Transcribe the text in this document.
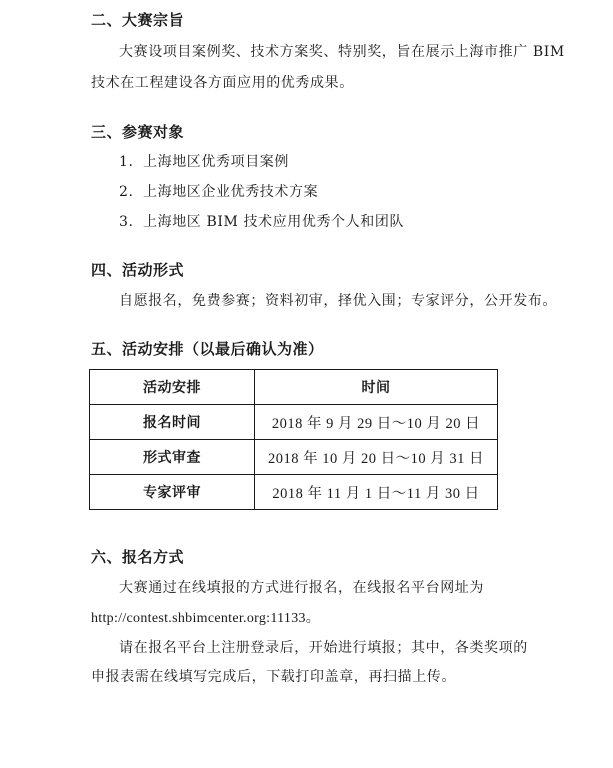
二、大赛宗旨
大赛设项目案例奖、技术方案奖、特别奖，旨在展示上海市推广 BIM
技术在工程建设各方面应用的优秀成果。
三、参赛对象
1. 上海地区优秀项目案例
2. 上海地区企业优秀技术方案
3. 上海地区 BIM 技术应用优秀个人和团队
四、活动形式
自愿报名，免费参赛；资料初审，择优入围；专家评分，公开发布。
五、活动安排（以最后确认为准）
活动安排	时间
报名时间	2018 年 9 月 29 日～10 月 20 日
形式审查	2018 年 10 月 20 日～10 月 31 日
专家评审	2018 年 11 月 1 日～11 月 30 日
六、报名方式
大赛通过在线填报的方式进行报名，在线报名平台网址为
http://contest.shbimcenter.org:11133。
请在报名平台上注册登录后，开始进行填报；其中，各类奖项的
申报表需在线填写完成后，下载打印盖章，再扫描上传。
